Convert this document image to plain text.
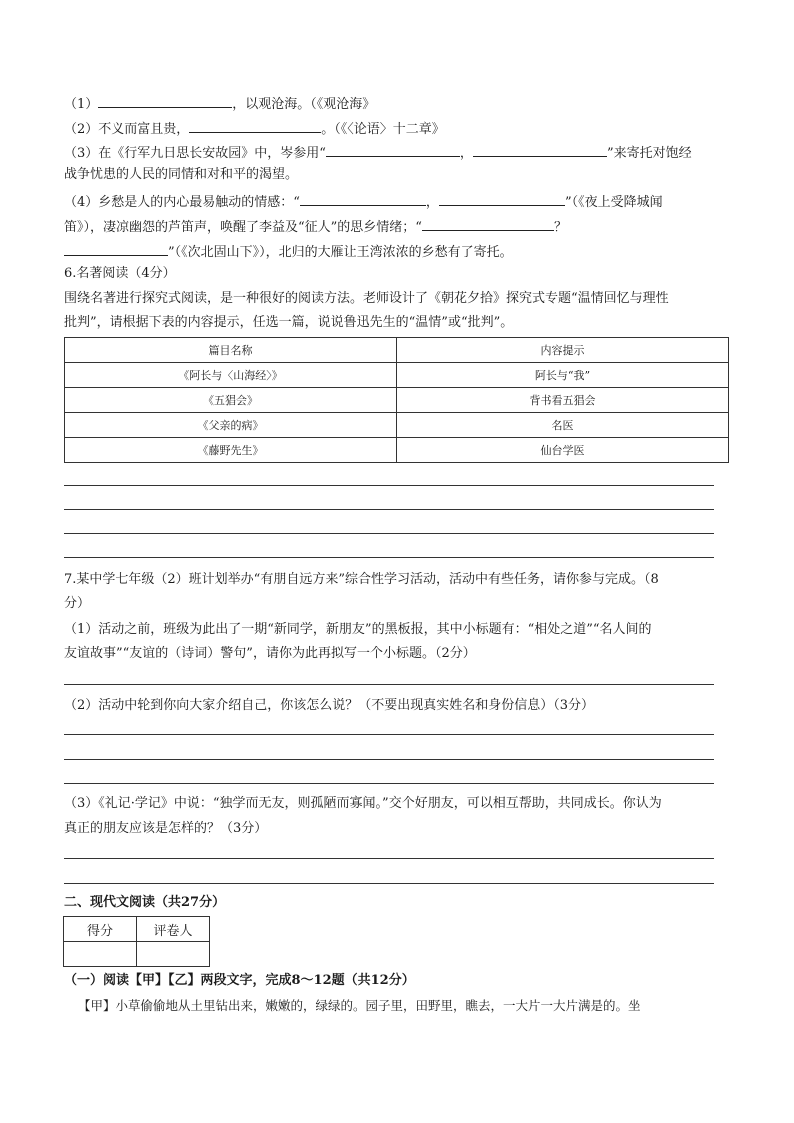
（1）	，以观沧海。（《观沧海》
（2）不义而富且贵，	。（《〈论语〉十二章》
（3）在《行军九日思长安故园》中，岑参用“	，	”来寄托对饱经
战争忧患的人民的同情和对和平的渴望。
（4）乡愁是人的内心最易触动的情感：“	，	”（《夜上受降城闻
笛》），凄凉幽怨的芦笛声，唤醒了李益及“征人”的思乡情绪；“	？
”（《次北固山下》），北归的大雁让王湾浓浓的乡愁有了寄托。
6.名著阅读（4分）
围绕名著进行探究式阅读，是一种很好的阅读方法。老师设计了《朝花夕拾》探究式专题“温情回忆与理性
批判”，请根据下表的内容提示，任选一篇，说说鲁迅先生的“温情”或“批判”。
篇目名称	内容提示
《阿长与〈山海经〉》	阿长与“我”
《五猖会》	背书看五猖会
《父亲的病》	名医
《藤野先生》	仙台学医
7.某中学七年级（2）班计划举办“有朋自远方来”综合性学习活动，活动中有些任务，请你参与完成。（8
分）
（1）活动之前，班级为此出了一期“新同学，新朋友”的黑板报，其中小标题有：“相处之道”“名人间的
友谊故事”“友谊的（诗词）警句”，请你为此再拟写一个小标题。（2分）
（2）活动中轮到你向大家介绍自己，你该怎么说？（不要出现真实姓名和身份信息）（3分）
（3）《礼记·学记》中说：“独学而无友，则孤陋而寡闻。”交个好朋友，可以相互帮助，共同成长。你认为
真正的朋友应该是怎样的？（3分）
二、现代文阅读（共27分）
得分	评卷人

（一）阅读【甲】【乙】两段文字，完成8～12题（共12分）
【甲】小草偷偷地从土里钻出来，嫩嫩的，绿绿的。园子里，田野里，瞧去，一大片一大片满是的。坐
